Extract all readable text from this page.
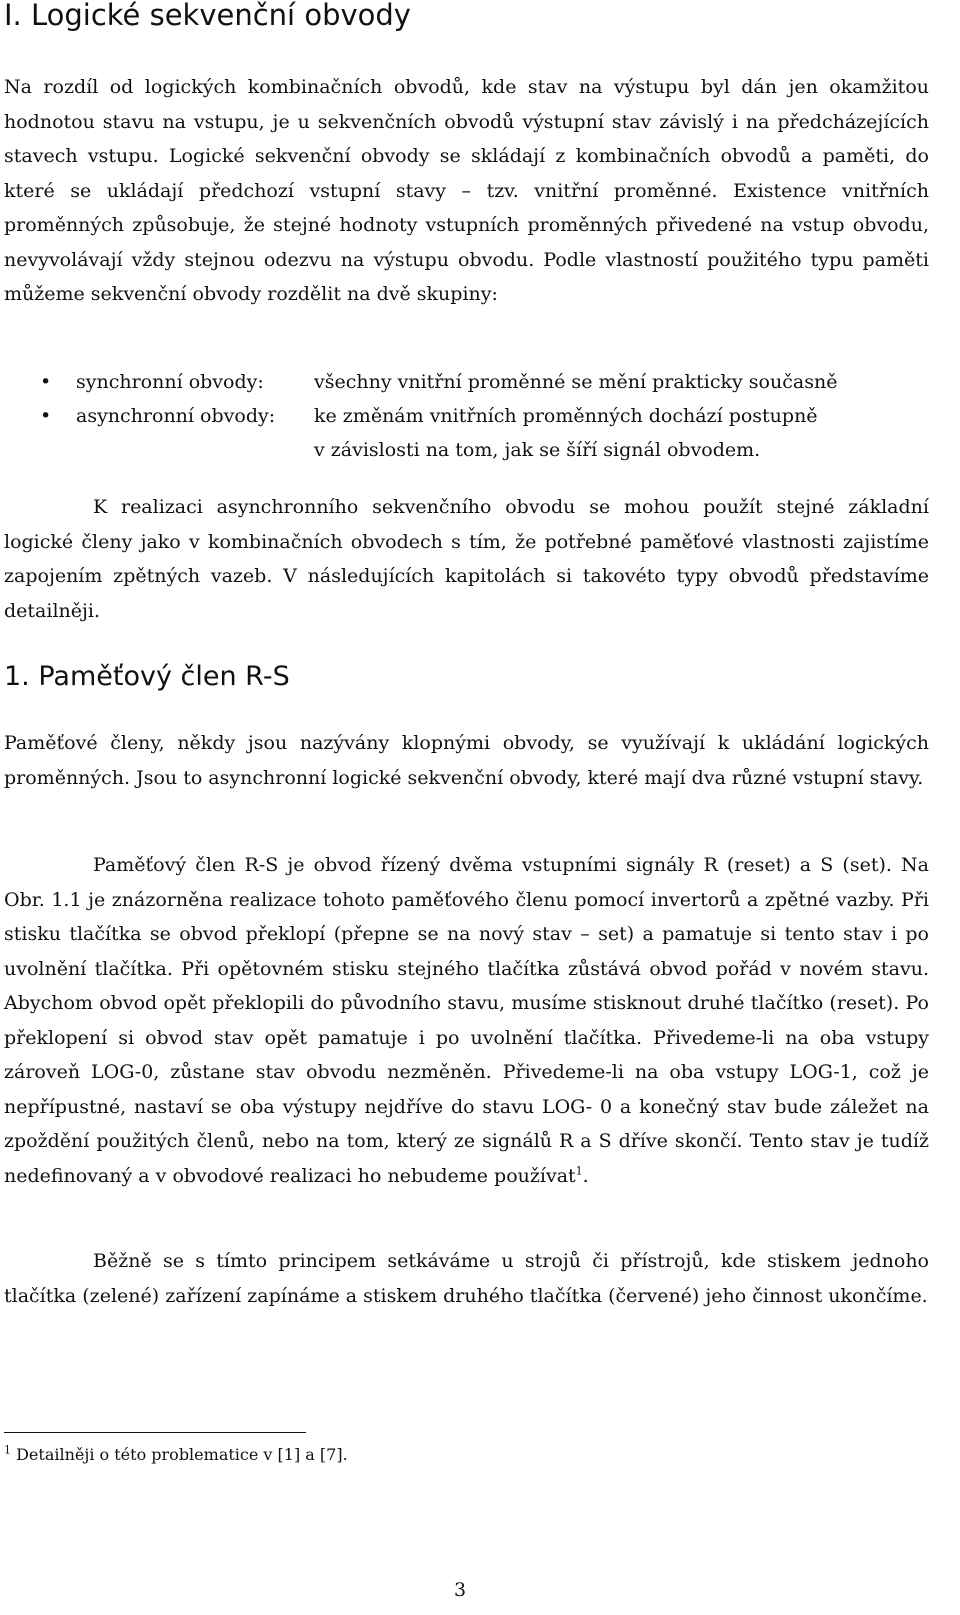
I. Logické sekvenční obvody

Na rozdíl od logických kombinačních obvodů, kde stav na výstupu byl dán jen okamžitou hodnotou stavu na vstupu, je u sekvenčních obvodů výstupní stav závislý i na předcházejících stavech vstupu. Logické sekvenční obvody se skládají z kombinačních obvodů a paměti, do které se ukládají předchozí vstupní stavy – tzv. vnitřní proměnné. Existence vnitřních proměnných způsobuje, že stejné hodnoty vstupních proměnných přivedené na vstup obvodu, nevyvolávají vždy stejnou odezvu na výstupu obvodu. Podle vlastností použitého typu paměti můžeme sekvenční obvody rozdělit na dvě skupiny:

• synchronní obvody:	všechny vnitřní proměnné se mění prakticky současně
• asynchronní obvody: ke změnám vnitřních proměnných dochází postupně
v závislosti na tom, jak se šíří signál obvodem.

K realizaci asynchronního sekvenčního obvodu se mohou použít stejné základní logické členy jako v kombinačních obvodech s tím, že potřebné paměťové vlastnosti zajistíme zapojením zpětných vazeb. V následujících kapitolách si takovéto typy obvodů představíme detailněji.

1. Paměťový člen R-S

Paměťové členy, někdy jsou nazývány klopnými obvody, se využívají k ukládání logických proměnných. Jsou to asynchronní logické sekvenční obvody, které mají dva různé vstupní stavy.

Paměťový člen R-S je obvod řízený dvěma vstupními signály R (reset) a S (set). Na Obr. 1.1 je znázorněna realizace tohoto paměťového členu pomocí invertorů a zpětné vazby. Při stisku tlačítka se obvod překlopí (přepne se na nový stav – set) a pamatuje si tento stav i po uvolnění tlačítka. Při opětovném stisku stejného tlačítka zůstává obvod pořád v novém stavu. Abychom obvod opět překlopili do původního stavu, musíme stisknout druhé tlačítko (reset). Po překlopení si obvod stav opět pamatuje i po uvolnění tlačítka. Přivedeme-li na oba vstupy zároveň LOG-0, zůstane stav obvodu nezměněn. Přivedeme-li na oba vstupy LOG-1, což je nepřípustné, nastaví se oba výstupy nejdříve do stavu LOG- 0 a konečný stav bude záležet na zpoždění použitých členů, nebo na tom, který ze signálů R a S dříve skončí. Tento stav je tudíž nedefinovaný a v obvodové realizaci ho nebudeme používat$^1$.

Běžně se s tímto principem setkáváme u strojů či přístrojů, kde stiskem jednoho tlačítka (zelené) zařízení zapínáme a stiskem druhého tlačítka (červené) jeho činnost ukončíme.

$^1$ Detailněji o této problematice v [1] a [7].
3
